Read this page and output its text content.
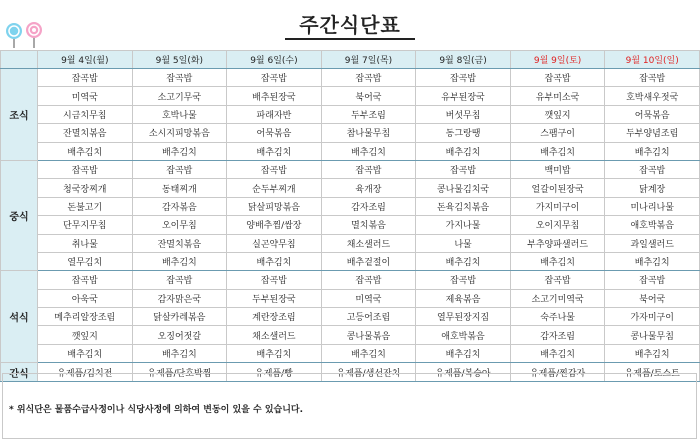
주간식단표
	9월 4일(월)	9월 5일(화)	9월 6일(수)	9월 7일(목)	9월 8일(금)	9월 9일(토)	9월 10일(일)
조식	잡곡밥	잡곡밥	잡곡밥	잡곡밥	잡곡밥	잡곡밥	잡곡밥
	미역국	소고기무국	배추된장국	북어국	유부된장국	유부미소국	호박새우젓국
	시금치무침	호박나물	파래자반	두부조림	버섯무침	깻잎지	어묵볶음
	잔멸치볶음	소시지피망볶음	어묵볶음	참나물무침	동그랑땡	스팸구이	두부양념조림
	배추김치	배추김치	배추김치	배추김치	배추김치	배추김치	배추김치
중식	잡곡밥	잡곡밥	잡곡밥	잡곡밥	잡곡밥	백미밥	잡곡밥
	청국장찌개	동태찌개	순두부찌개	육개장	콩나물김치국	얼갈이된장국	닭계장
	돈불고기	감자볶음	닭살피망볶음	감자조림	돈육김치볶음	가지미구이	미나리나물
	단무지무침	오이무침	양배추찜/쌈장	멸치볶음	가지나물	오이지무침	애호박볶음
	취나물	잔멸치볶음	실곤약무침	채소샐러드	나물	부추양파샐러드	과일샐러드
	열무김치	배추김치	배추김치	배추겉절이	배추김치	배추김치	배추김치
석식	잡곡밥	잡곡밥	잡곡밥	잡곡밥	잡곡밥	잡곡밥	잡곡밥
	아욱국	감자맑은국	두부된장국	미역국	제육볶음	소고기미역국	북어국
	메추리알장조림	닭살카레볶음	계란장조림	고등어조림	열무된장지짐	숙주나물	가자미구이
	깻잎지	오징어젓갈	채소샐러드	콩나물볶음	애호박볶음	감자조림	콩나물무침
	배추김치	배추김치	배추김치	배추김치	배추김치	배추김치	배추김치
간식	유제품/김치전	유제품/단호박찜	유제품/빵	유제품/생선잔치	유제품/복숭아	유제품/찐감자	유제품/토스트
* 위식단은 물품수급사정이나 식당사정에 의하여 변동이 있을 수 있습니다.
